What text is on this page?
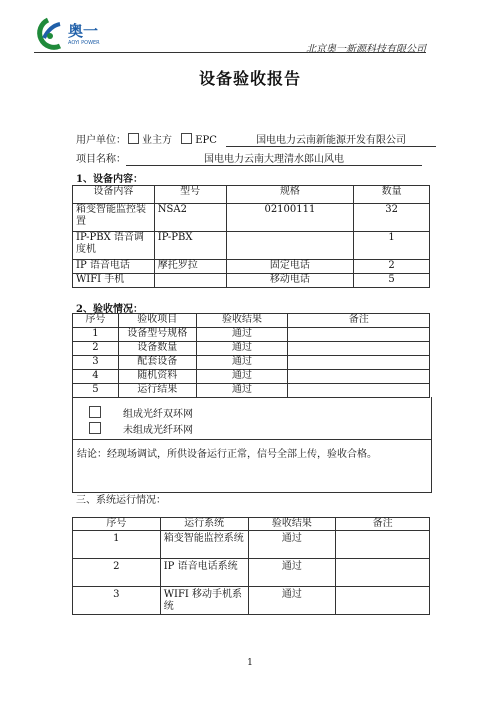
奥一
AOYI POWER
北京奥一新源科技有限公司
设备验收报告
用户单位： 业主方 EPC	国电电力云南新能源开发有限公司
项目名称：	国电电力云南大理清水郎山风电
1、设备内容：
设备内容	型号	规格	数量
箱变智能监控装置	NSA2	02100111	32
IP-PBX 语音调度机	IP-PBX		1
IP 语音电话	摩托罗拉	固定电话	2
WIFI 手机		移动电话	5
2、验收情况：
序号	验收项目	验收结果	备注
1	设备型号规格	通过	
2	设备数量	通过	
3	配套设备	通过	
4	随机资料	通过	
5	运行结果	通过	
组成光纤双环网
未组成光纤环网
结论：经现场调试，所供设备运行正常，信号全部上传，验收合格。
三、系统运行情况：
序号	运行系统	验收结果	备注
1	箱变智能监控系统	通过	
2	IP 语音电话系统	通过	
3	WIFI 移动手机系统	通过	
1
